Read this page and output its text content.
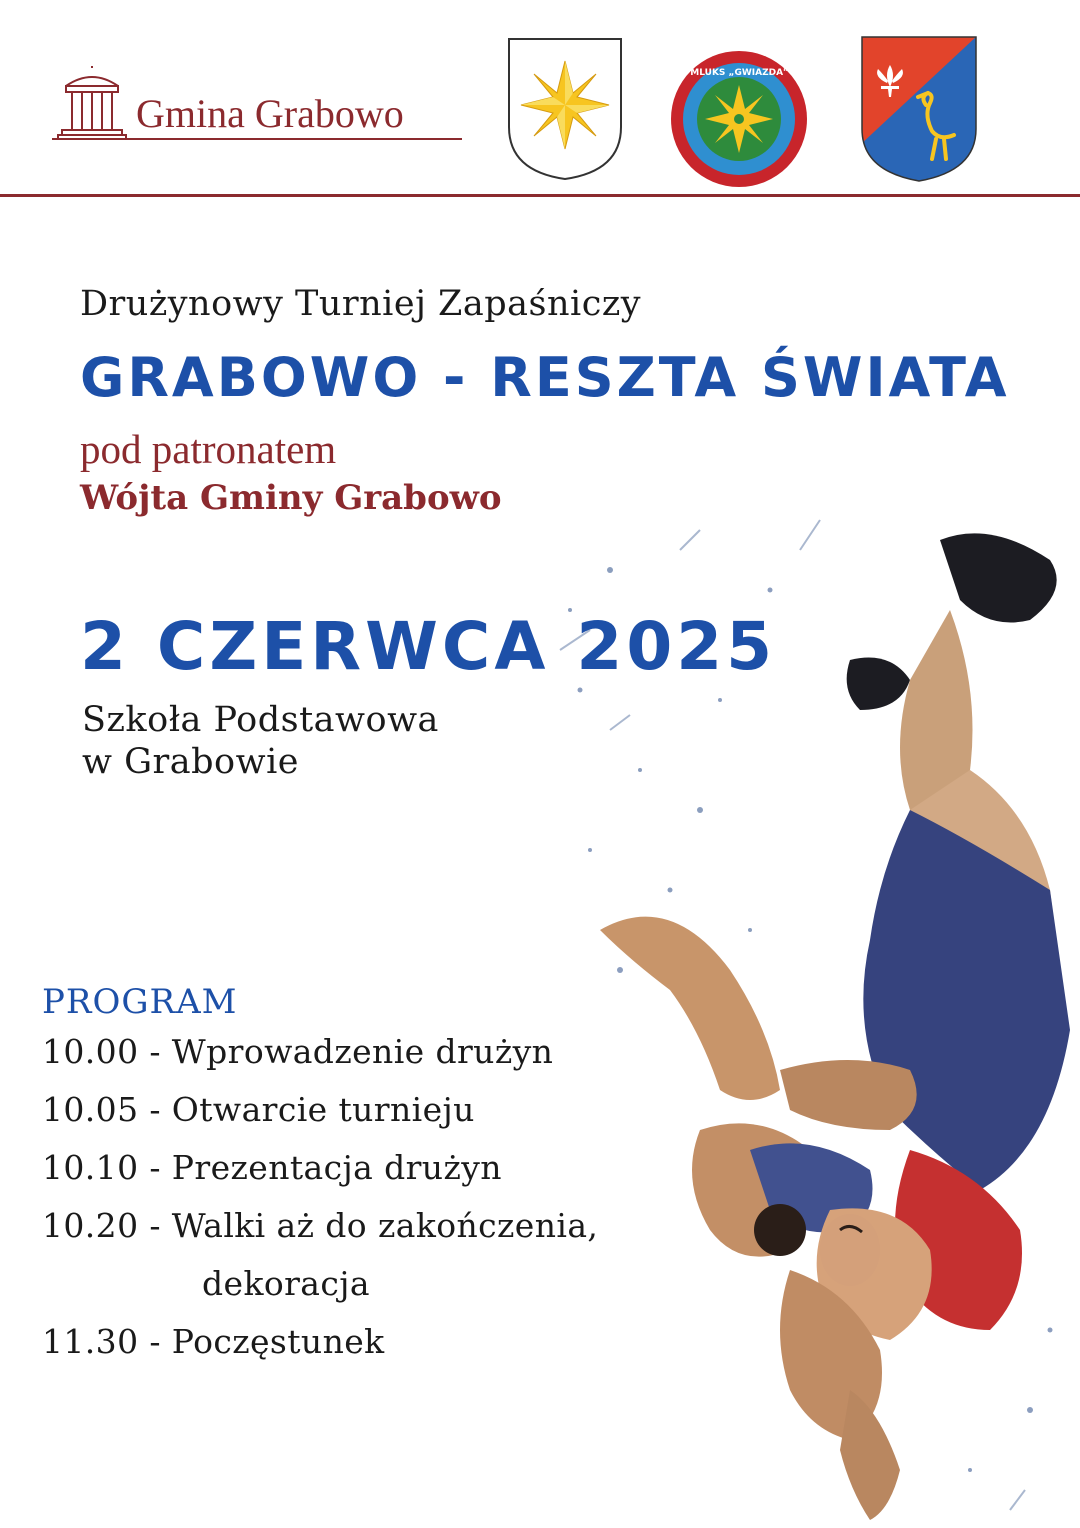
Gmina Grabowo
MLUKS „GWIAZDA"
Drużynowy Turniej Zapaśniczy
GRABOWO - RESZTA ŚWIATA
pod patronatem
Wójta Gminy Grabowo
2 CZERWCA 2025
Szkoła Podstawowa
w Grabowie
PROGRAM
10.00 - Wprowadzenie drużyn
10.05 - Otwarcie turnieju
10.10 - Prezentacja drużyn
10.20 - Walki aż do zakończenia,
dekoracja
11.30 - Poczęstunek
